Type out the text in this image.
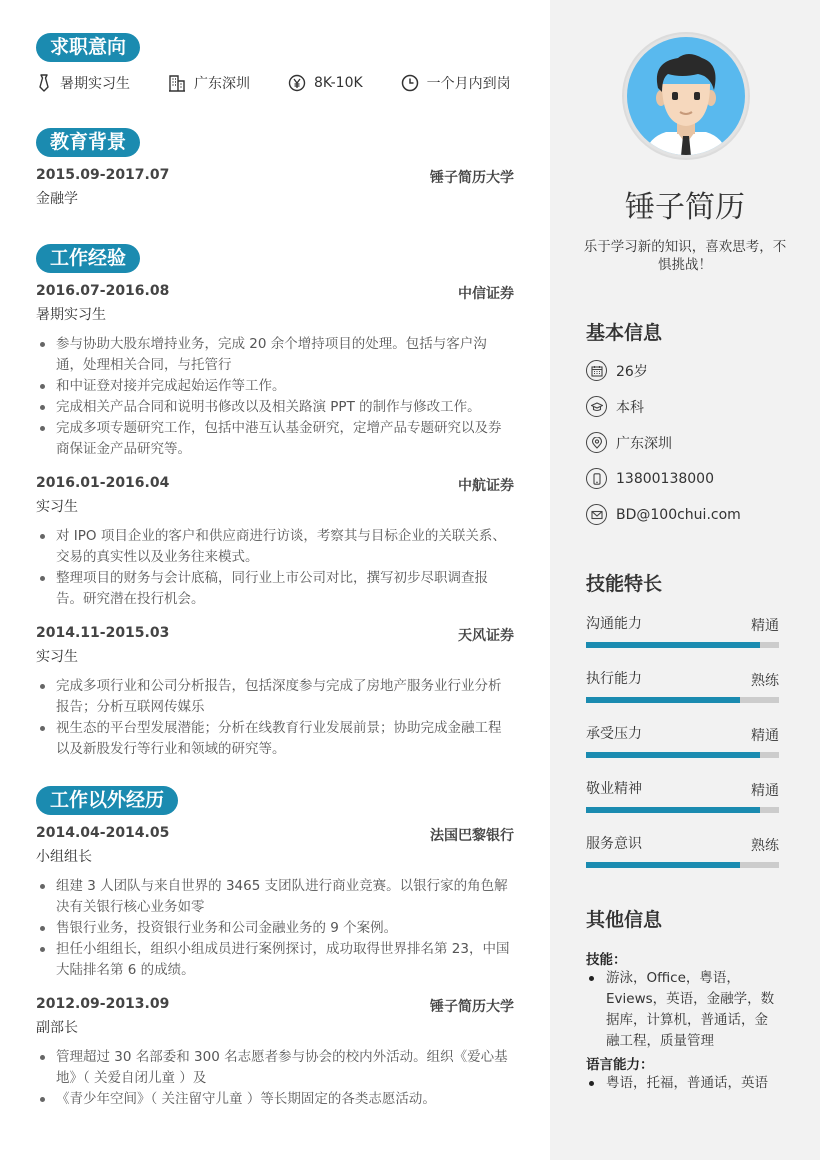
求职意向
暑期实习生	广东深圳	8K-10K	一个月内到岗
教育背景
2015.09-2017.07	锤子简历大学
金融学
工作经验
2016.07-2016.08	中信证券
暑期实习生
参与协助大股东增持业务，完成 20 余个增持项目的处理。包括与客户沟通，处理相关合同，与托管行
和中证登对接并完成起始运作等工作。
完成相关产品合同和说明书修改以及相关路演 PPT 的制作与修改工作。
完成多项专题研究工作，包括中港互认基金研究，定增产品专题研究以及券商保证金产品研究等。
2016.01-2016.04	中航证券
实习生
对 IPO 项目企业的客户和供应商进行访谈，考察其与目标企业的关联关系、交易的真实性以及业务往来模式。
整理项目的财务与会计底稿，同行业上市公司对比，撰写初步尽职调查报告。研究潜在投行机会。
2014.11-2015.03	天风证券
实习生
完成多项行业和公司分析报告，包括深度参与完成了房地产服务业行业分析报告；分析互联网传媒乐
视生态的平台型发展潜能；分析在线教育行业发展前景；协助完成金融工程以及新股发行等行业和领域的研究等。
工作以外经历
2014.04-2014.05	法国巴黎银行
小组组长
组建 3 人团队与来自世界的 3465 支团队进行商业竞赛。以银行家的角色解决有关银行核心业务如零
售银行业务，投资银行业务和公司金融业务的 9 个案例。
担任小组组长，组织小组成员进行案例探讨，成功取得世界排名第 23，中国大陆排名第 6 的成绩。
2012.09-2013.09	锤子简历大学
副部长
管理超过 30 名部委和 300 名志愿者参与协会的校内外活动。组织《爱心基地》（ 关爱自闭儿童 ）及
《青少年空间》（ 关注留守儿童 ）等长期固定的各类志愿活动。
锤子简历
乐于学习新的知识，喜欢思考，不惧挑战！
基本信息
26岁
本科
广东深圳
13800138000
BD@100chui.com
技能特长
沟通能力	精通
执行能力	熟练
承受压力	精通
敬业精神	精通
服务意识	熟练
其他信息
技能：
游泳，Office，粤语，Eviews，英语，金融学，数据库，计算机，普通话，金融工程，质量管理
语言能力：
粤语，托福，普通话，英语
